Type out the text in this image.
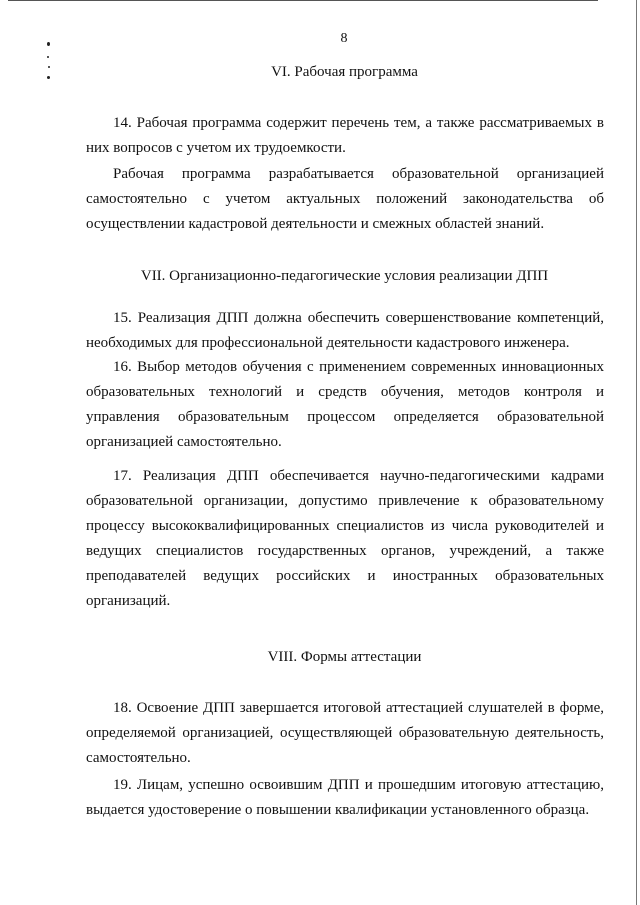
8
VI. Рабочая программа

14. Рабочая программа содержит перечень тем, а также рассматриваемых в них вопросов с учетом их трудоемкости.

Рабочая программа разрабатывается образовательной организацией самостоятельно с учетом актуальных положений законодательства об осуществлении кадастровой деятельности и смежных областей знаний.

VII. Организационно-педагогические условия реализации ДПП

15. Реализация ДПП должна обеспечить совершенствование компетенций, необходимых для профессиональной деятельности кадастрового инженера.

16. Выбор методов обучения с применением современных инновационных образовательных технологий и средств обучения, методов контроля и управления образовательным процессом определяется образовательной организацией самостоятельно.

17. Реализация ДПП обеспечивается научно-педагогическими кадрами образовательной организации, допустимо привлечение к образовательному процессу высококвалифицированных специалистов из числа руководителей и ведущих специалистов государственных органов, учреждений, а также преподавателей ведущих российских и иностранных образовательных организаций.

VIII. Формы аттестации

18. Освоение ДПП завершается итоговой аттестацией слушателей в форме, определяемой организацией, осуществляющей образовательную деятельность, самостоятельно.

19. Лицам, успешно освоившим ДПП и прошедшим итоговую аттестацию, выдается удостоверение о повышении квалификации установленного образца.
